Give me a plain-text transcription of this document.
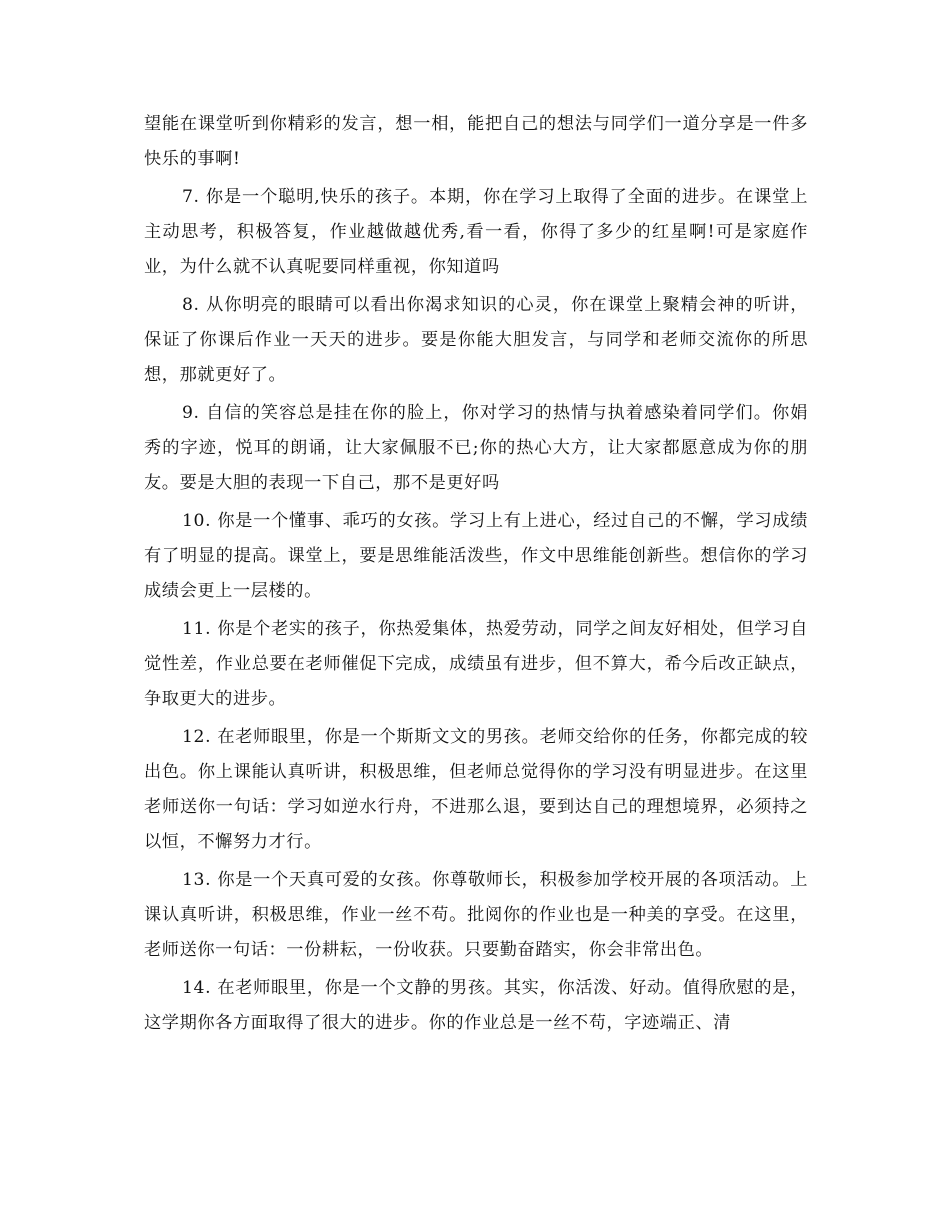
望能在课堂听到你精彩的发言，想一相，能把自己的想法与同学们一道分享是一件多快乐的事啊!

7. 你是一个聪明,快乐的孩子。本期，你在学习上取得了全面的进步。在课堂上主动思考，积极答复，作业越做越优秀,看一看，你得了多少的红星啊!可是家庭作业，为什么就不认真呢要同样重视，你知道吗

8. 从你明亮的眼睛可以看出你渴求知识的心灵，你在课堂上聚精会神的听讲，保证了你课后作业一天天的进步。要是你能大胆发言，与同学和老师交流你的所思想，那就更好了。

9. 自信的笑容总是挂在你的脸上，你对学习的热情与执着感染着同学们。你娟秀的字迹，悦耳的朗诵，让大家佩服不已;你的热心大方，让大家都愿意成为你的朋友。要是大胆的表现一下自己，那不是更好吗

10. 你是一个懂事、乖巧的女孩。学习上有上进心，经过自己的不懈，学习成绩有了明显的提高。课堂上，要是思维能活泼些，作文中思维能创新些。想信你的学习成绩会更上一层楼的。

11. 你是个老实的孩子，你热爱集体，热爱劳动，同学之间友好相处，但学习自觉性差，作业总要在老师催促下完成，成绩虽有进步，但不算大，希今后改正缺点，争取更大的进步。

12. 在老师眼里，你是一个斯斯文文的男孩。老师交给你的任务，你都完成的较出色。你上课能认真听讲，积极思维，但老师总觉得你的学习没有明显进步。在这里老师送你一句话：学习如逆水行舟，不进那么退，要到达自己的理想境界，必须持之以恒，不懈努力才行。

13. 你是一个天真可爱的女孩。你尊敬师长，积极参加学校开展的各项活动。上课认真听讲，积极思维，作业一丝不苟。批阅你的作业也是一种美的享受。在这里，老师送你一句话：一份耕耘，一份收获。只要勤奋踏实，你会非常出色。

14. 在老师眼里，你是一个文静的男孩。其实，你活泼、好动。值得欣慰的是，这学期你各方面取得了很大的进步。你的作业总是一丝不苟，字迹端正、清
